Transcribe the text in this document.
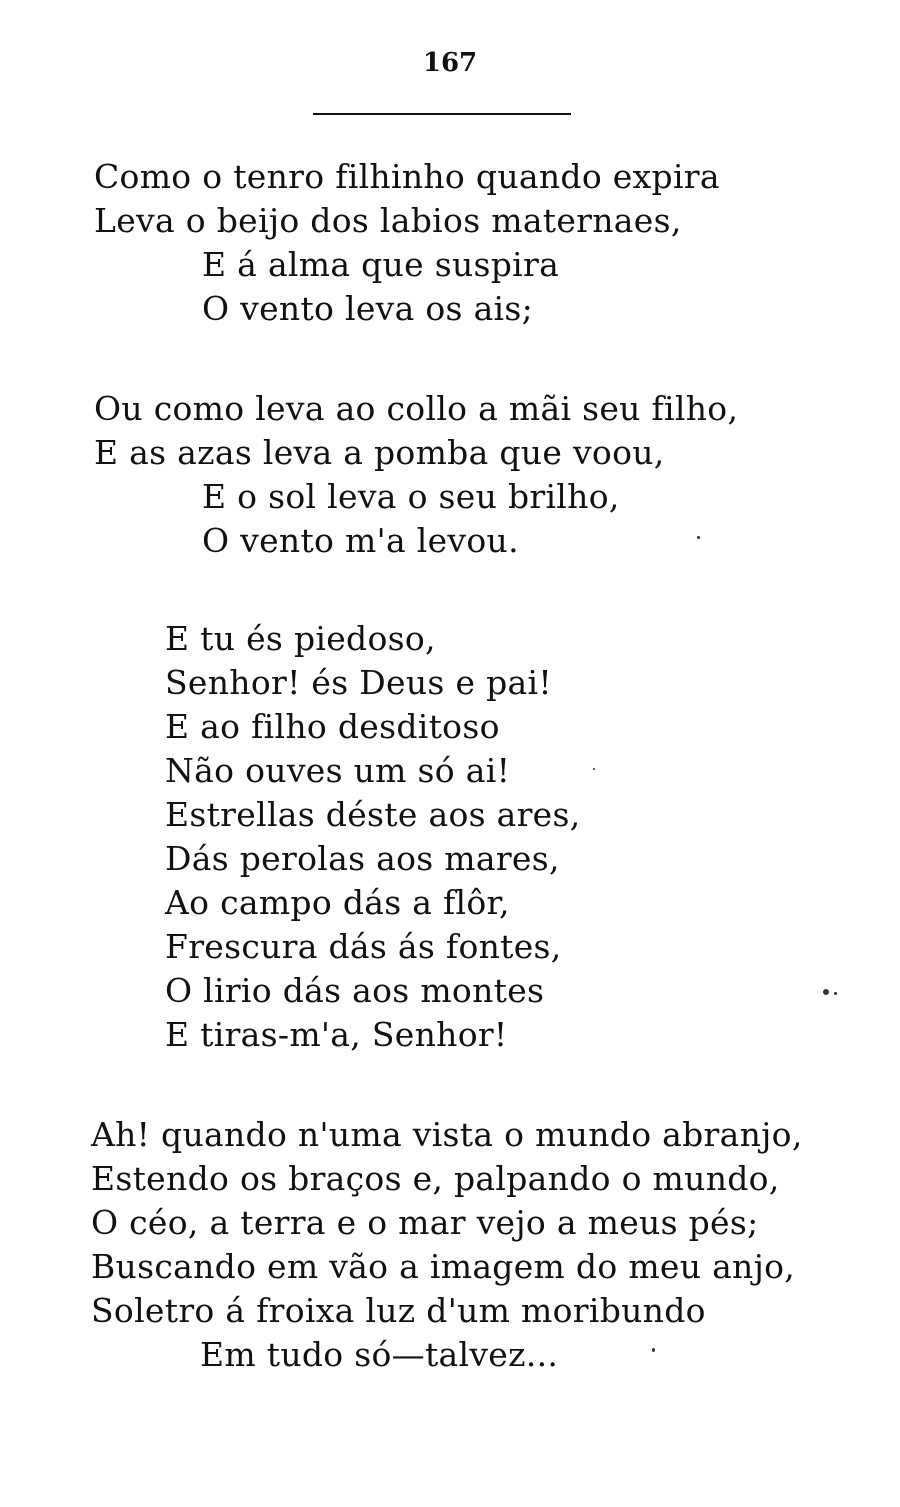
167
Como o tenro filhinho quando expira
Leva o beijo dos labios maternaes,
E á alma que suspira
O vento leva os ais;
Ou como leva ao collo a mãi seu filho,
E as azas leva a pomba que voou,
E o sol leva o seu brilho,
O vento m'a levou.
E tu és piedoso,
Senhor! és Deus e pai!
E ao filho desditoso
Não ouves um só ai!
Estrellas déste aos ares,
Dás perolas aos mares,
Ao campo dás a flôr,
Frescura dás ás fontes,
O lirio dás aos montes
E tiras-m'a, Senhor!
Ah! quando n'uma vista o mundo abranjo,
Estendo os braços e, palpando o mundo,
O céo, a terra e o mar vejo a meus pés;
Buscando em vão a imagem do meu anjo,
Soletro á froixa luz d'um moribundo
Em tudo só—talvez...
